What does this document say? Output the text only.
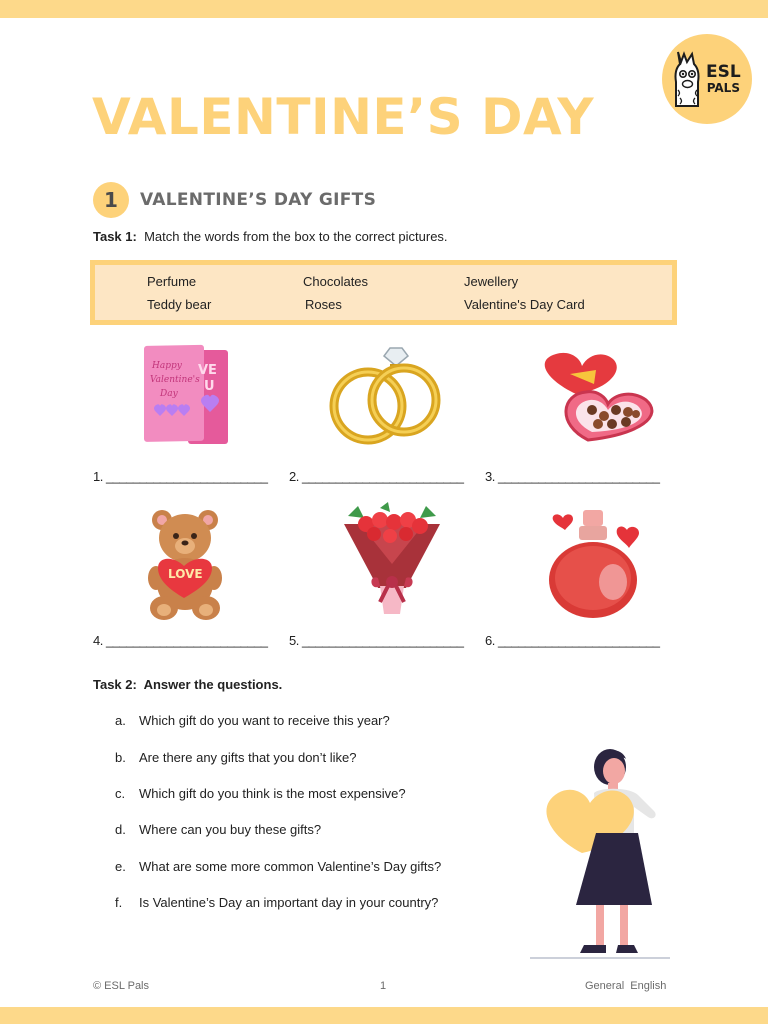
ESL
PALS
VALENTINE’S DAY
1	VALENTINE’S DAY GIFTS
Task 1: Match the words from the box to the correct pictures.
Perfume	Chocolates	Jewellery
Teddy bear	Roses	Valentine's Day Card
VE
U
Happy
Valentine's
Day
1. ________________________ 2. ________________________ 3. ________________________
LOVE
4. ________________________ 5. ________________________ 6. ________________________
Task 2: Answer the questions.
a. Which gift do you want to receive this year?
b. Are there any gifts that you don’t like?
c. Which gift do you think is the most expensive?
d. Where can you buy these gifts?
e. What are some more common Valentine’s Day gifts?
f. Is Valentine’s Day an important day in your country?
© ESL Pals	1	General  English
